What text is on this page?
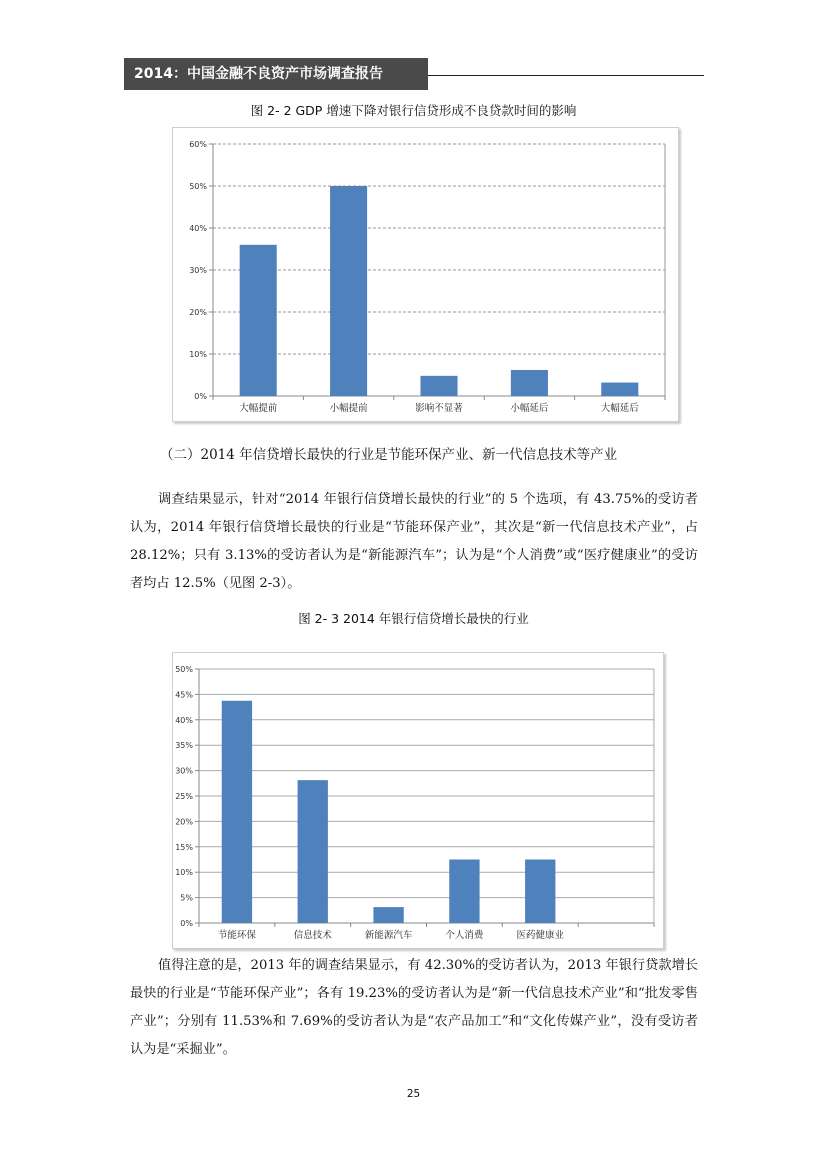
2014：中国金融不良资产市场调查报告
图 2- 2 GDP 增速下降对银行信贷形成不良贷款时间的影响
0%
10%
20%
30%
40%
50%
60%
大幅提前	小幅提前	影响不显著	小幅延后	大幅延后
（二）2014 年信贷增长最快的行业是节能环保产业、新一代信息技术等产业

调查结果显示，针对“2014 年银行信贷增长最快的行业”的 5 个选项，有 43.75%的受访者认为，2014 年银行信贷增长最快的行业是“节能环保产业”，其次是“新一代信息技术产业”，占 28.12%；只有 3.13%的受访者认为是“新能源汽车”；认为是“个人消费”或“医疗健康业”的受访者均占 12.5%（见图 2-3）。

图 2- 3 2014 年银行信贷增长最快的行业
0%
5%
10%
15%
20%
25%
30%
35%
40%
45%
50%
节能环保	信息技术	新能源汽车	个人消费	医药健康业

值得注意的是，2013 年的调查结果显示，有 42.30%的受访者认为，2013 年银行贷款增长最快的行业是“节能环保产业”；各有 19.23%的受访者认为是“新一代信息技术产业”和“批发零售产业”；分别有 11.53%和 7.69%的受访者认为是“农产品加工”和“文化传媒产业”，没有受访者认为是“采掘业”。

25
